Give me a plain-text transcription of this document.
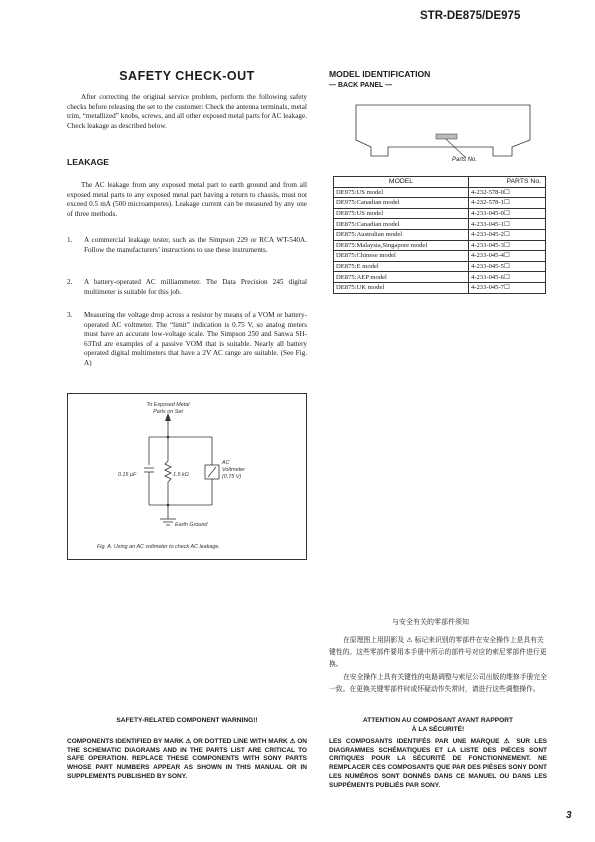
STR-DE875/DE975
SAFETY CHECK-OUT
After correcting the original service problem, perform the following safety checks before releasing the set to the customer: Check the antenna terminals, metal trim, “metallized” knobs, screws, and all other exposed metal parts for AC leakage. Check leakage as described below.
LEAKAGE
The AC leakage from any exposed metal part to earth ground and from all exposed metal parts to any exposed metal part having a return to chassis, must not exceed 0.5 mA (500 microamperes). Leakage current can be measured by any one of three methods.
1. A commercial leakage tester, such as the Simpson 229 or RCA WT-540A. Follow the manufacturers’ instructions to use these instruments.
2. A battery-operated AC milliammeter. The Data Precision 245 digital multimeter is suitable for this job.
3. Measuring the voltage drop across a resistor by means of a VOM or battery-operated AC voltmeter. The “limit” indication is 0.75 V, so analog meters must have an accurate low-voltage scale. The Simpson 250 and Sanwa SH-63Trd are examples of a passive VOM that is suitable. Nearly all battery operated digital multimeters that have a 2V AC range are suitable. (See Fig. A)
To Exposed Metal
Parts on Set
0.15 μF	1.5 kΩ
AC
Voltmeter
(0.75 V)
Earth Ground
Fig. A. Using an AC voltmeter to check AC leakage.
MODEL IDENTIFICATION
— BACK PANEL —
Parts No.
MODEL	PARTS No.
DE975:US model	4-232-578-0☐
DE975:Canadian model	4-232-578-1☐
DE875:US model	4-233-045-0☐
DE875:Canadian model	4-233-045-1☐
DE875:Australian model	4-233-045-2☐
DE875:Malaysia,Singapore model	4-233-045-3☐
DE875:Chinese model	4-233-045-4☐
DE875:E model	4-233-045-5☐
DE875:AEP model	4-233-045-6☐
DE875:UK model	4-233-045-7☐
与安全有关的零部件须知
在原理图上用阴影及 ⚠ 标记来识别的零部件在安全操作上是具有关键性的。这些零部件要用本手册中所示的部件号对应的索尼零部件进行更换。
在安全操作上具有关键性的电路调整与索尼公司出版的维修手册完全一致。在更换关键零部件时或怀疑动作失常时，请进行这些调整操作。
SAFETY-RELATED COMPONENT WARNING!!
COMPONENTS IDENTIFIED BY MARK ⚠ OR DOTTED LINE WITH MARK ⚠ ON THE SCHEMATIC DIAGRAMS AND IN THE PARTS LIST ARE CRITICAL TO SAFE OPERATION. REPLACE THESE COMPONENTS WITH SONY PARTS WHOSE PART NUMBERS APPEAR AS SHOWN IN THIS MANUAL OR IN SUPPLEMENTS PUBLISHED BY SONY.
ATTENTION AU COMPOSANT AYANT RAPPORT
À LA SÉCURITÉ!
LES COMPOSANTS IDENTIFÉS PAR UNE MARQUE ⚠ SUR LES DIAGRAMMES SCHÉMATIQUES ET LA LISTE DES PIÈCES SONT CRITIQUES POUR LA SÉCURITÉ DE FONCTIONNEMENT. NE REMPLACER CES COMPOSANTS QUE PAR DES PIÈSES SONY DONT LES NUMÉROS SONT DONNÉS DANS CE MANUEL OU DANS LES SUPPÉMENTS PUBLIÉS PAR SONY.
3
